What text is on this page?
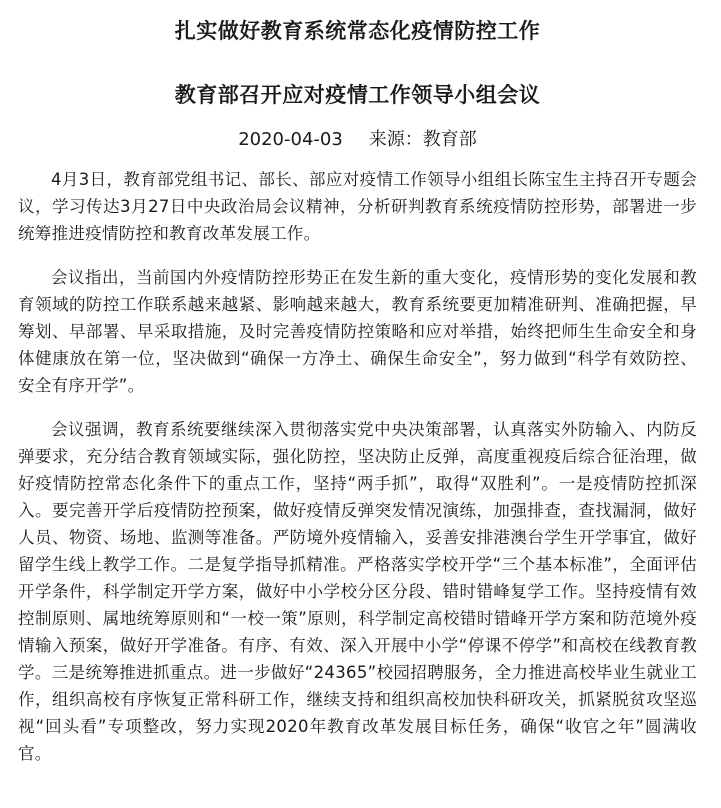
扎实做好教育系统常态化疫情防控工作
教育部召开应对疫情工作领导小组会议
2020-04-03 来源：教育部

4月3日，教育部党组书记、部长、部应对疫情工作领导小组组长陈宝生主持召开专题会议，学习传达3月27日中央政治局会议精神，分析研判教育系统疫情防控形势，部署进一步统筹推进疫情防控和教育改革发展工作。

会议指出，当前国内外疫情防控形势正在发生新的重大变化，疫情形势的变化发展和教育领域的防控工作联系越来越紧、影响越来越大，教育系统要更加精准研判、准确把握，早筹划、早部署、早采取措施，及时完善疫情防控策略和应对举措，始终把师生生命安全和身体健康放在第一位，坚决做到“确保一方净土、确保生命安全”，努力做到“科学有效防控、安全有序开学”。

会议强调，教育系统要继续深入贯彻落实党中央决策部署，认真落实外防输入、内防反弹要求，充分结合教育领域实际，强化防控，坚决防止反弹，高度重视疫后综合征治理，做好疫情防控常态化条件下的重点工作，坚持“两手抓”，取得“双胜利”。一是疫情防控抓深入。要完善开学后疫情防控预案，做好疫情反弹突发情况演练，加强排查，查找漏洞，做好人员、物资、场地、监测等准备。严防境外疫情输入，妥善安排港澳台学生开学事宜，做好留学生线上教学工作。二是复学指导抓精准。严格落实学校开学“三个基本标准”，全面评估开学条件，科学制定开学方案，做好中小学校分区分段、错时错峰复学工作。坚持疫情有效控制原则、属地统筹原则和“一校一策”原则，科学制定高校错时错峰开学方案和防范境外疫情输入预案，做好开学准备。有序、有效、深入开展中小学“停课不停学”和高校在线教育教学。三是统筹推进抓重点。进一步做好“24365”校园招聘服务，全力推进高校毕业生就业工作，组织高校有序恢复正常科研工作，继续支持和组织高校加快科研攻关，抓紧脱贫攻坚巡视“回头看”专项整改，努力实现2020年教育改革发展目标任务，确保“收官之年”圆满收官。
